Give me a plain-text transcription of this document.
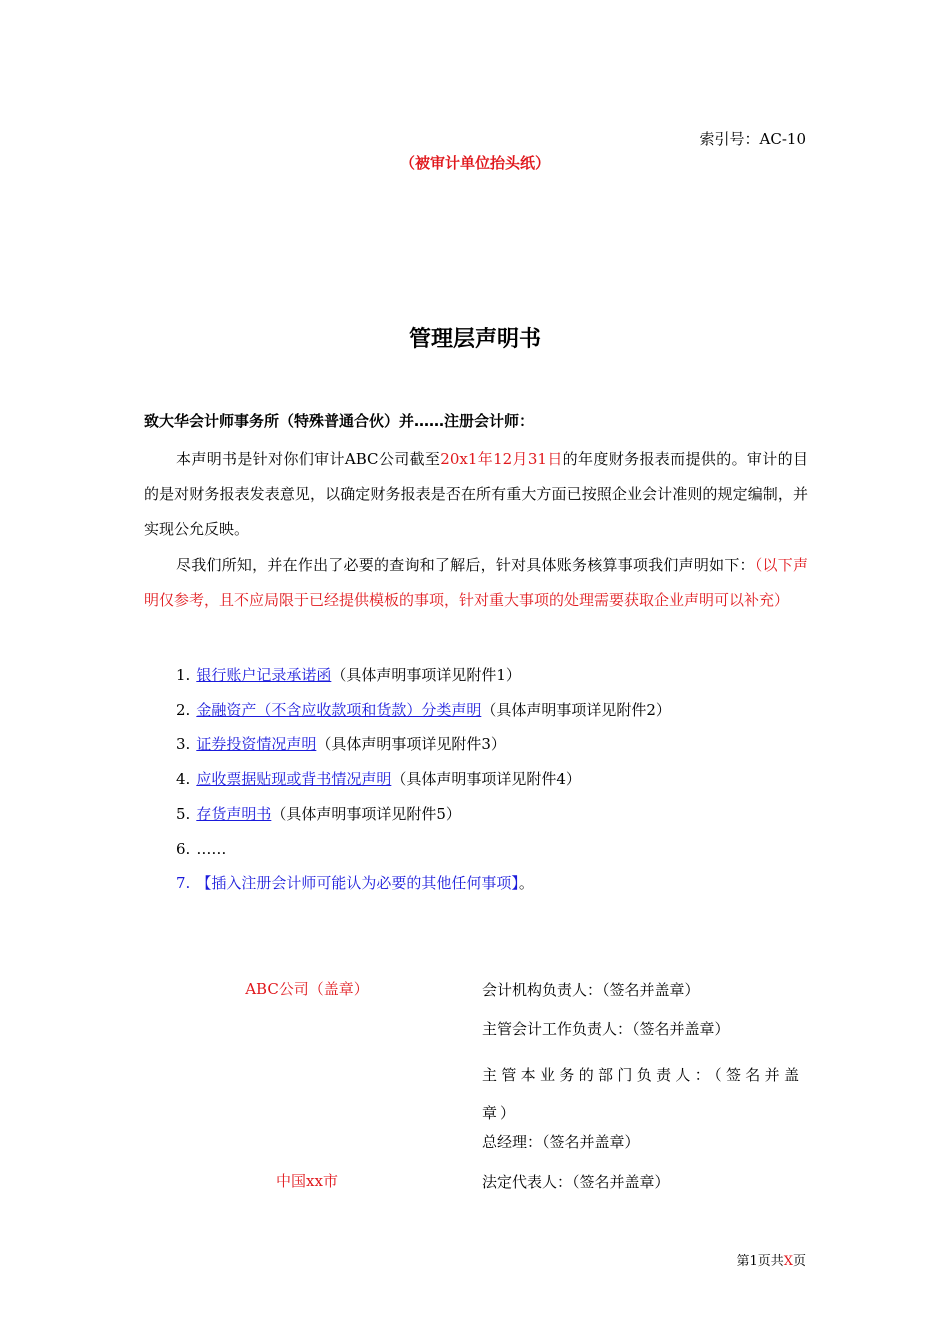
索引号：AC-10
（被审计单位抬头纸）
管理层声明书
致大华会计师事务所（特殊普通合伙）并……注册会计师：
本声明书是针对你们审计ABC公司截至20x1年12月31日的年度财务报表而提供的。审计的目的是对财务报表发表意见，以确定财务报表是否在所有重大方面已按照企业会计准则的规定编制，并实现公允反映。
尽我们所知，并在作出了必要的查询和了解后，针对具体账务核算事项我们声明如下：（以下声明仅参考，且不应局限于已经提供模板的事项，针对重大事项的处理需要获取企业声明可以补充）
1. 银行账户记录承诺函（具体声明事项详见附件1）
2. 金融资产（不含应收款项和货款）分类声明（具体声明事项详见附件2）
3. 证券投资情况声明（具体声明事项详见附件3）
4. 应收票据贴现或背书情况声明（具体声明事项详见附件4）
5. 存货声明书（具体声明事项详见附件5）
6. ……
7. 【插入注册会计师可能认为必要的其他任何事项】。
ABC公司（盖章）
中国xx市
会计机构负责人：（签名并盖章）
主管会计工作负责人：（签名并盖章）
主管本业务的部门负责人：（签名并盖章）
总经理：（签名并盖章）
法定代表人：（签名并盖章）
第1页共X页
